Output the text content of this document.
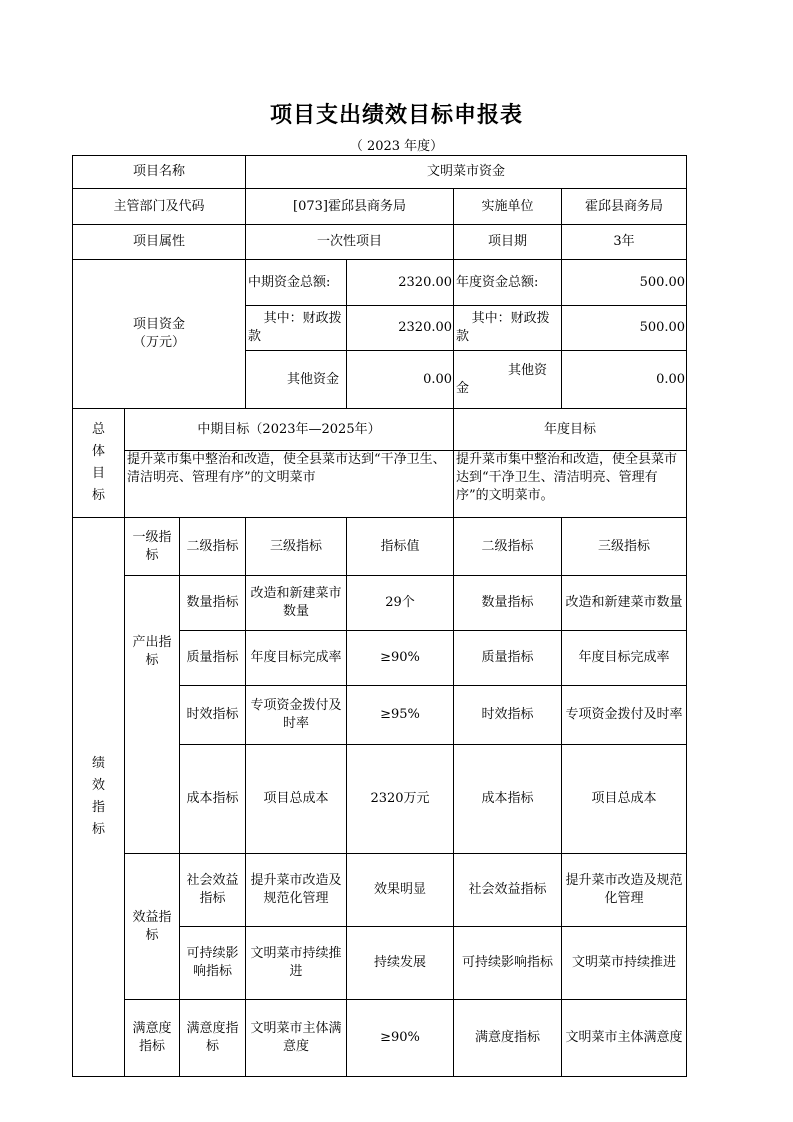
项目支出绩效目标申报表
（ 2023 年度）
项目名称			文明菜市资金				
主管部门及代码			[073]霍邱县商务局		实施单位	霍邱县商务局	
项目属性			一次性项目		项目期	3年	
项目资金
（万元）			中期资金总额:	2320.00	年度资金总额:	500.00	
			其中：财政拨款	2320.00	其中：财政拨款	500.00	
			其他资金	0.00	其他资金	0.00	

总体目标	中期目标（2023年—2025年）				年度目标		
	提升菜市集中整治和改造，使全县菜市达到“干净卫生、清洁明亮、管理有序”的文明菜市				提升菜市集中整治和改造，使全县菜市达到“干净卫生、清洁明亮、管理有序”的文明菜市。		

绩效指标	一级指标	二级指标	三级指标	指标值	二级指标	三级指标	
	产出指标	数量指标	改造和新建菜市数量	29个	数量指标	改造和新建菜市数量	
		质量指标	年度目标完成率	≥90%	质量指标	年度目标完成率	
		时效指标	专项资金拨付及时率	≥95%	时效指标	专项资金拨付及时率	
		成本指标	项目总成本	2320万元	成本指标	项目总成本	
	效益指标	社会效益指标	提升菜市改造及规范化管理	效果明显	社会效益指标	提升菜市改造及规范化管理	
		可持续影响指标	文明菜市持续推进	持续发展	可持续影响指标	文明菜市持续推进	
	满意度指标	满意度指标	文明菜市主体满意度	≥90%	满意度指标	文明菜市主体满意度	
